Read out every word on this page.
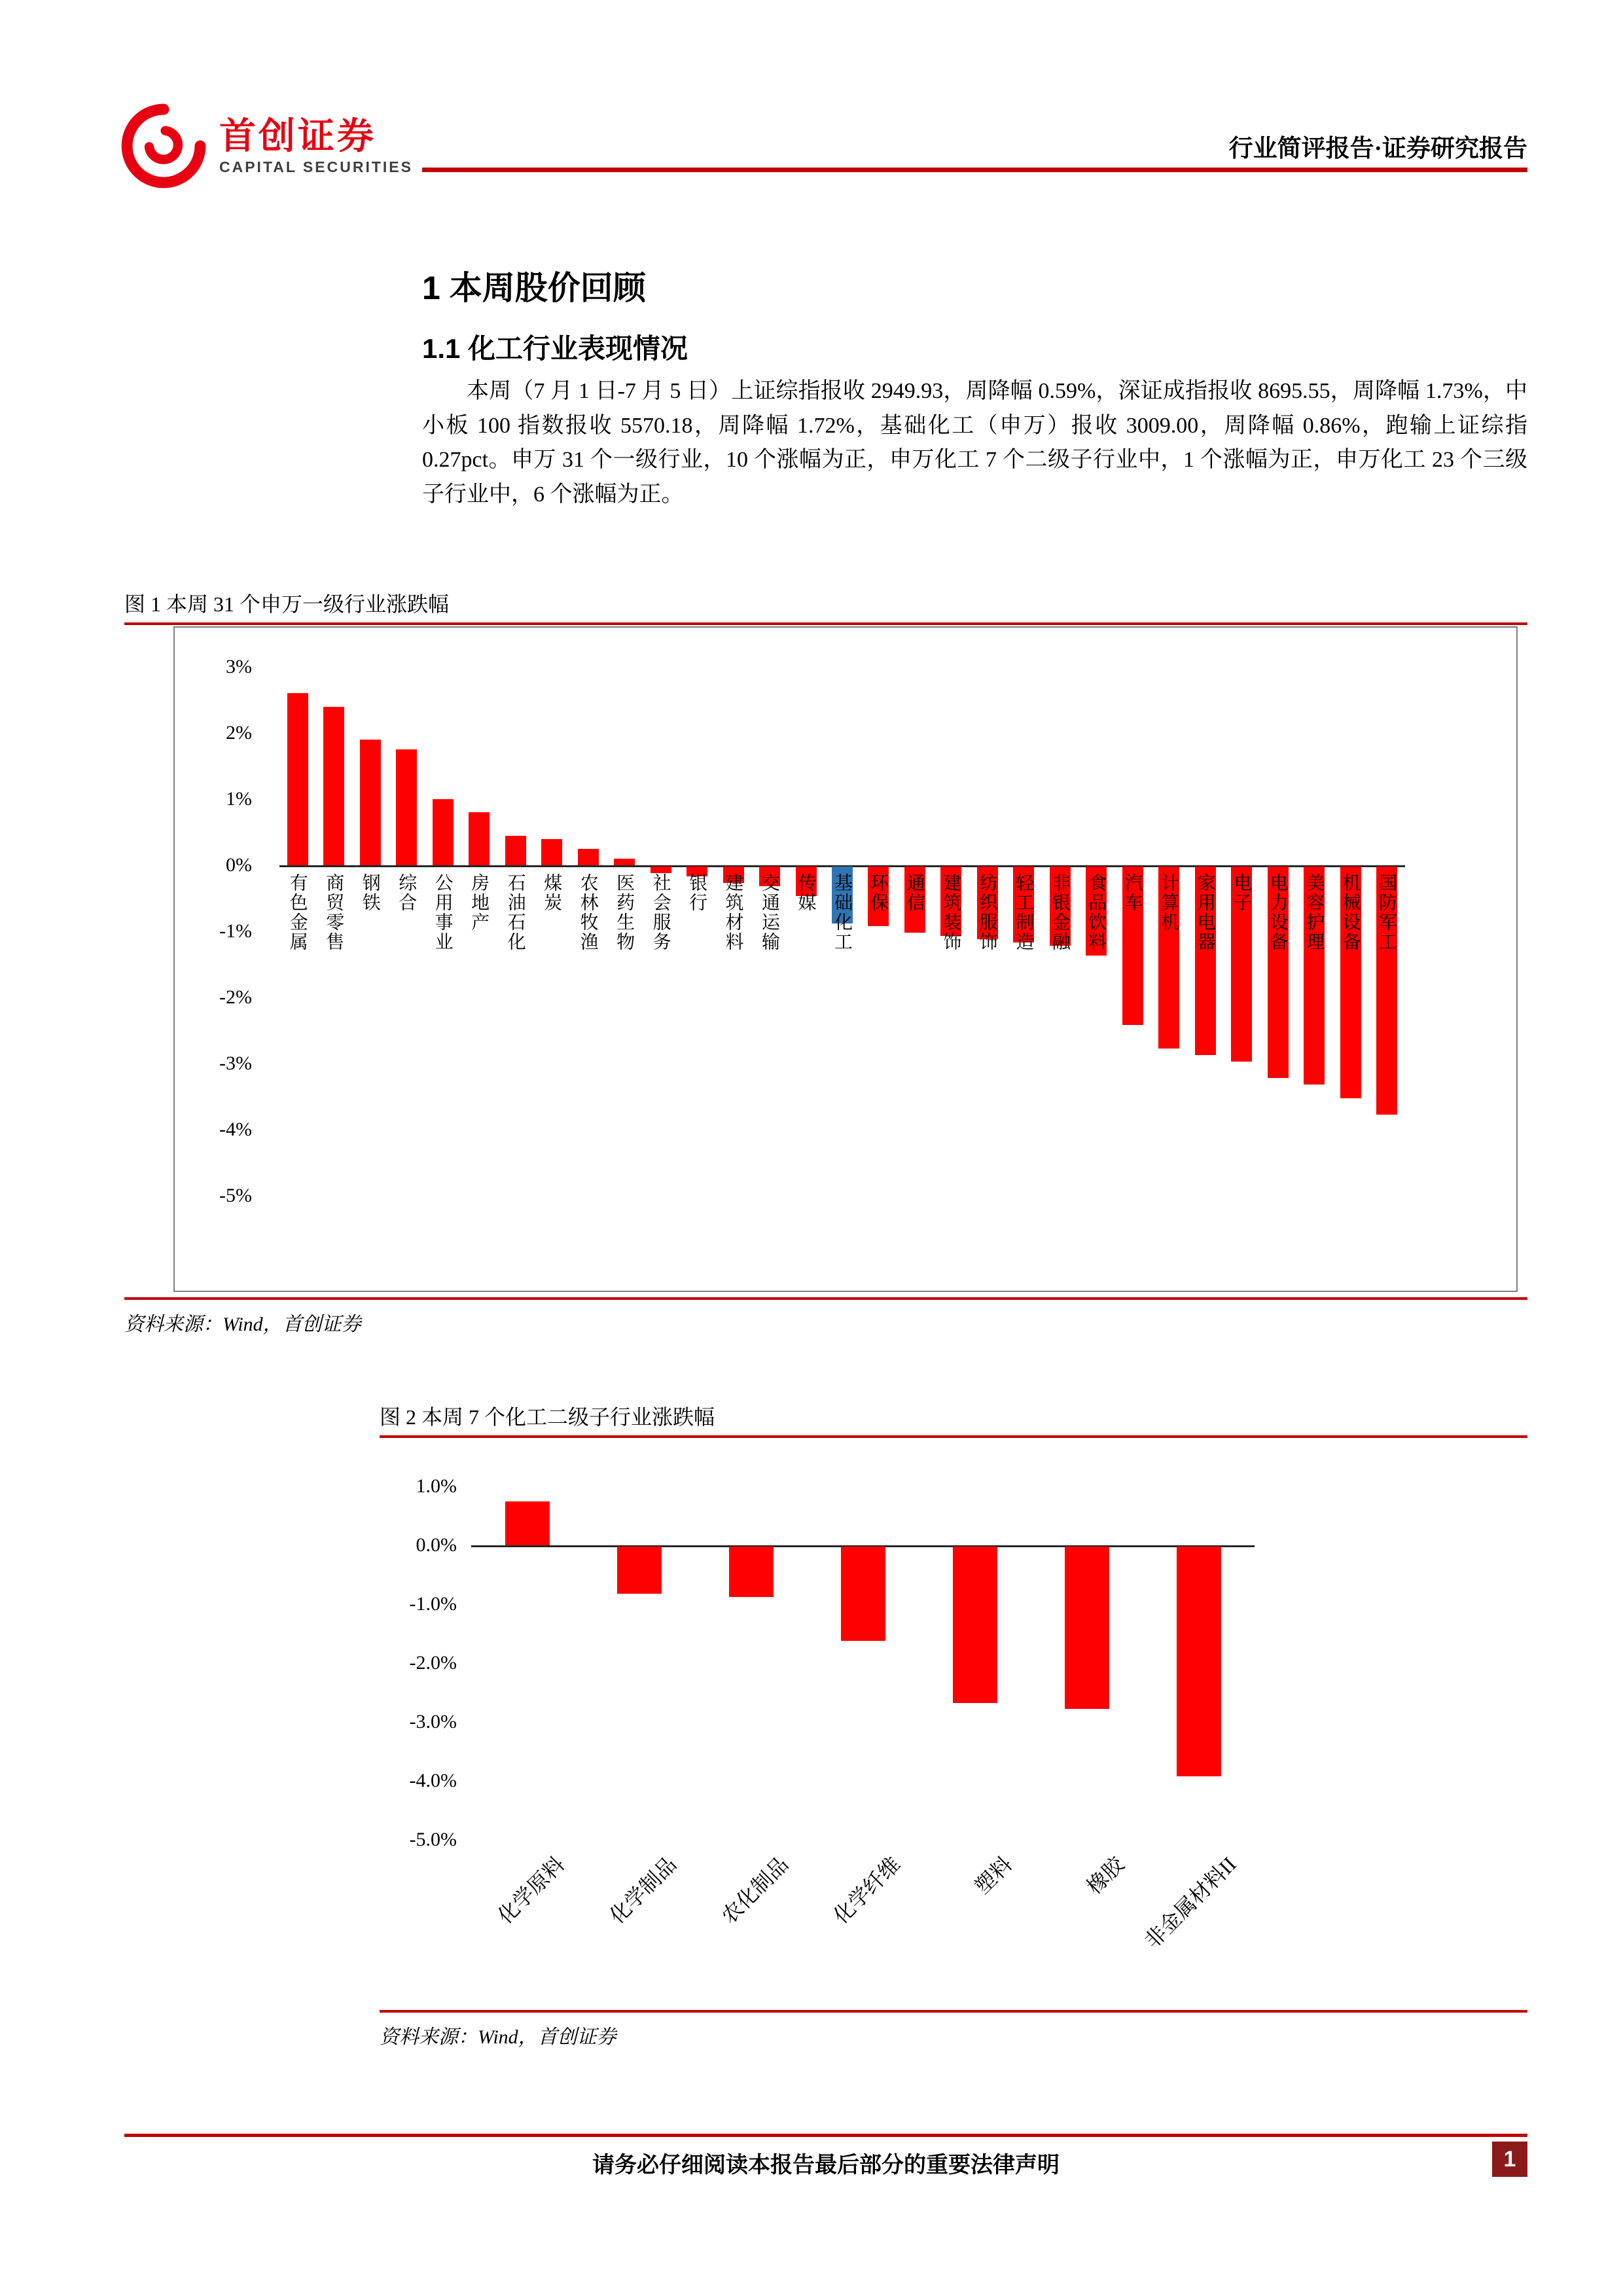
首创证券
CAPITAL SECURITIES
行业简评报告·证券研究报告
1 本周股价回顾
1.1 化工行业表现情况
本周（7 月 1 日-7 月 5 日）上证综指报收 2949.93，周降幅 0.59%，深证成指报收 8695.55，周降幅 1.73%，中小板 100 指数报收 5570.18，周降幅 1.72%，基础化工（申万）报收 3009.00，周降幅 0.86%，跑输上证综指 0.27pct。申万 31 个一级行业，10 个涨幅为正，申万化工 7 个二级子行业中，1 个涨幅为正，申万化工 23 个三级子行业中，6 个涨幅为正。
图 1 本周 31 个申万一级行业涨跌幅
3%
2%
1%
0%
-1%
-2%
-3%
-4%
-5%
有色金属 商贸零售 钢铁 综合 公用事业 房地产 石油石化 煤炭 农林牧渔 医药生物 社会服务 银行 建筑材料 交通运输 传媒 基础化工 环保 通信 建筑装饰 纺织服饰 轻工制造 非银金融 食品饮料 汽车 计算机 家用电器 电子 电力设备 美容护理 机械设备 国防军工
资料来源：Wind，首创证券
图 2 本周 7 个化工二级子行业涨跌幅
1.0%
0.0%
-1.0%
-2.0%
-3.0%
-4.0%
-5.0%
化学原料 化学制品 农化制品 化学纤维	塑料	橡胶 非金属材料II
资料来源：Wind，首创证券
请务必仔细阅读本报告最后部分的重要法律声明	1
